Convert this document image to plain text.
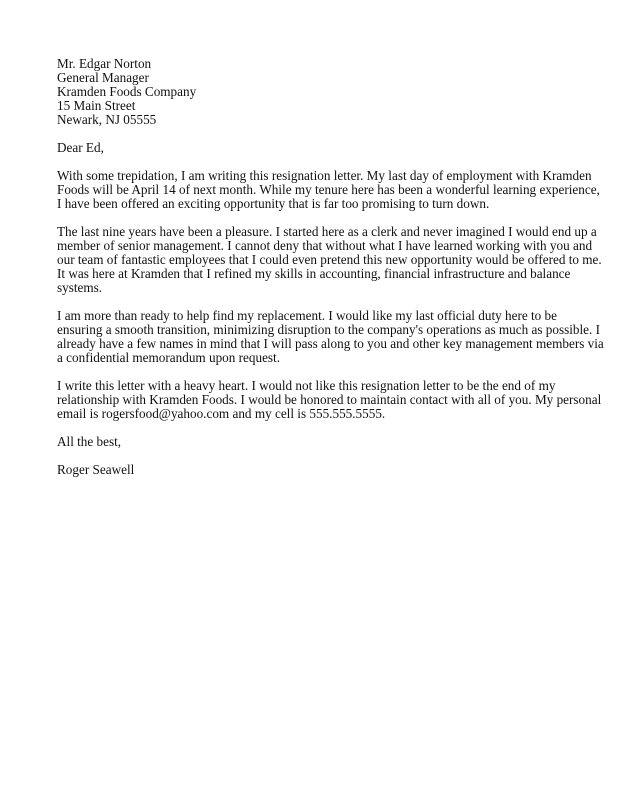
Mr. Edgar Norton
General Manager
Kramden Foods Company
15 Main Street
Newark, NJ 05555
Dear Ed,
With some trepidation, I am writing this resignation letter. My last day of employment with Kramden
Foods will be April 14 of next month. While my tenure here has been a wonderful learning experience,
I have been offered an exciting opportunity that is far too promising to turn down.
The last nine years have been a pleasure. I started here as a clerk and never imagined I would end up a
member of senior management. I cannot deny that without what I have learned working with you and
our team of fantastic employees that I could even pretend this new opportunity would be offered to me.
It was here at Kramden that I refined my skills in accounting, financial infrastructure and balance
systems.
I am more than ready to help find my replacement. I would like my last official duty here to be
ensuring a smooth transition, minimizing disruption to the company's operations as much as possible. I
already have a few names in mind that I will pass along to you and other key management members via
a confidential memorandum upon request.
I write this letter with a heavy heart. I would not like this resignation letter to be the end of my
relationship with Kramden Foods. I would be honored to maintain contact with all of you. My personal
email is rogersfood@yahoo.com and my cell is 555.555.5555.
All the best,
Roger Seawell
